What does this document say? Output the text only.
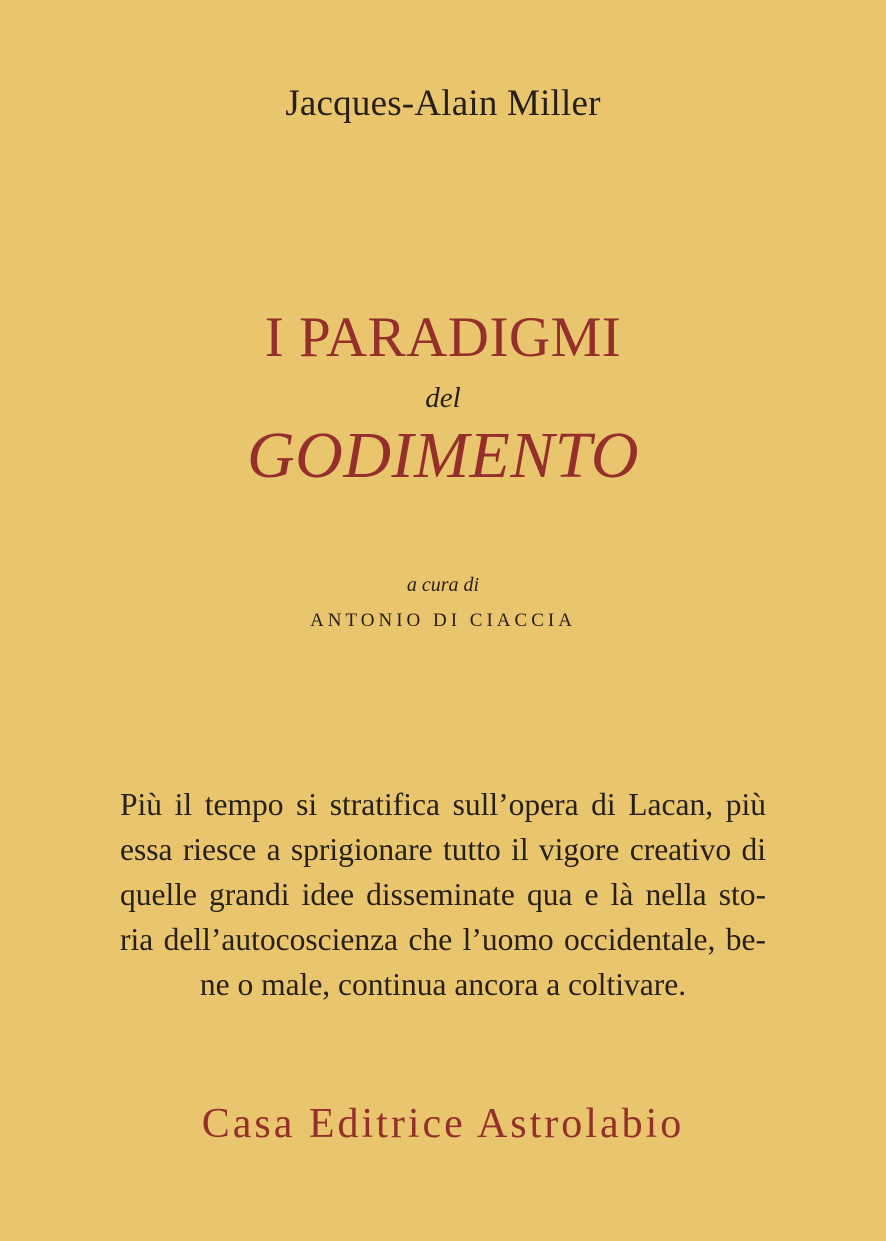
Jacques-Alain Miller
I PARADIGMI
del
GODIMENTO
a cura di
ANTONIO DI CIACCIA
Più il tempo si stratifica sull’opera di Lacan, più
essa riesce a sprigionare tutto il vigore creativo di
quelle grandi idee disseminate qua e là nella sto-
ria dell’autocoscienza che l’uomo occidentale, be-
ne o male, continua ancora a coltivare.
Casa Editrice Astrolabio
